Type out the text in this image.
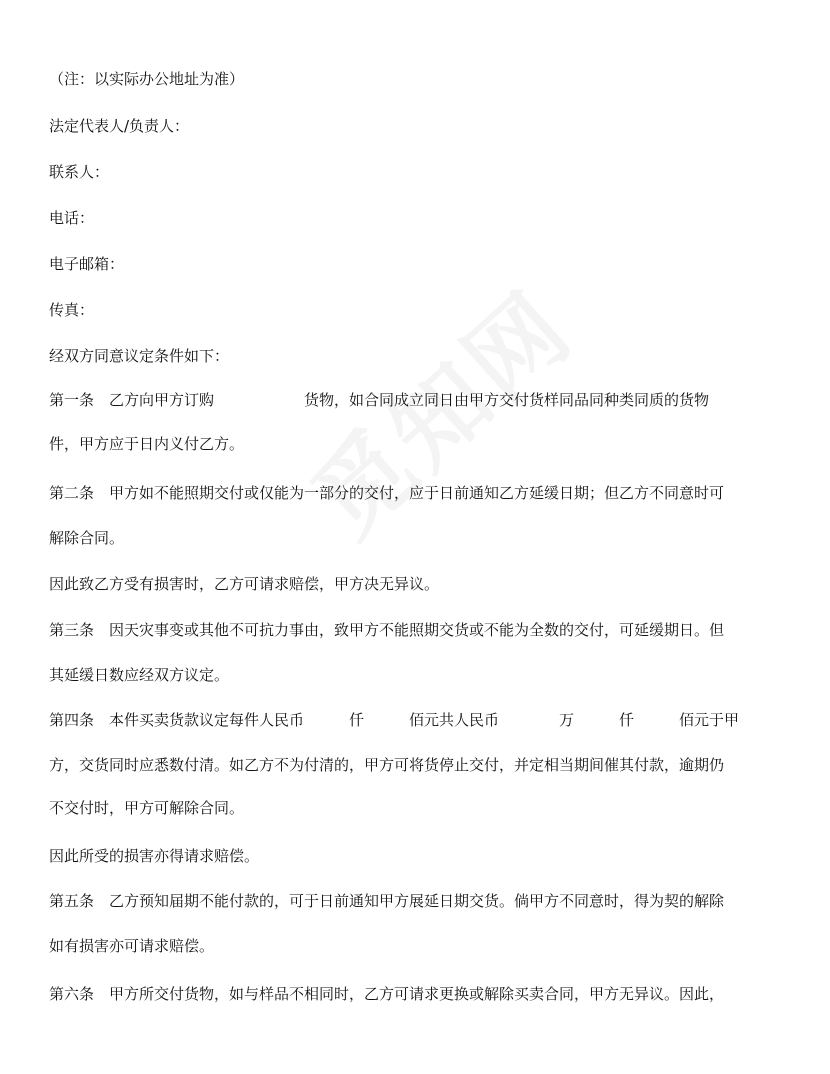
（注：以实际办公地址为准）
法定代表人/负责人：
联系人：
电话：
电子邮箱：
传真：
经双方同意议定条件如下：
第一条　乙方向甲方订购　　　　　　货物，如合同成立同日由甲方交付货样同品同种类同质的货物
件，甲方应于日内义付乙方。
第二条　甲方如不能照期交付或仅能为一部分的交付，应于日前通知乙方延缓日期；但乙方不同意时可
解除合同。
因此致乙方受有损害时，乙方可请求赔偿，甲方决无异议。
第三条　因天灾事变或其他不可抗力事由，致甲方不能照期交货或不能为全数的交付，可延缓期日。但
其延缓日数应经双方议定。
第四条　本件买卖货款议定每件人民币　　　仟　　　佰元共人民币　　　　万　　　仟　　　佰元于甲
方，交货同时应悉数付清。如乙方不为付清的，甲方可将货停止交付，并定相当期间催其付款，逾期仍
不交付时，甲方可解除合同。
因此所受的损害亦得请求赔偿。
第五条　乙方预知届期不能付款的，可于日前通知甲方展延日期交货。倘甲方不同意时，得为契的解除
如有损害亦可请求赔偿。
第六条　甲方所交付货物，如与样品不相同时，乙方可请求更换或解除买卖合同，甲方无异议。因此，
